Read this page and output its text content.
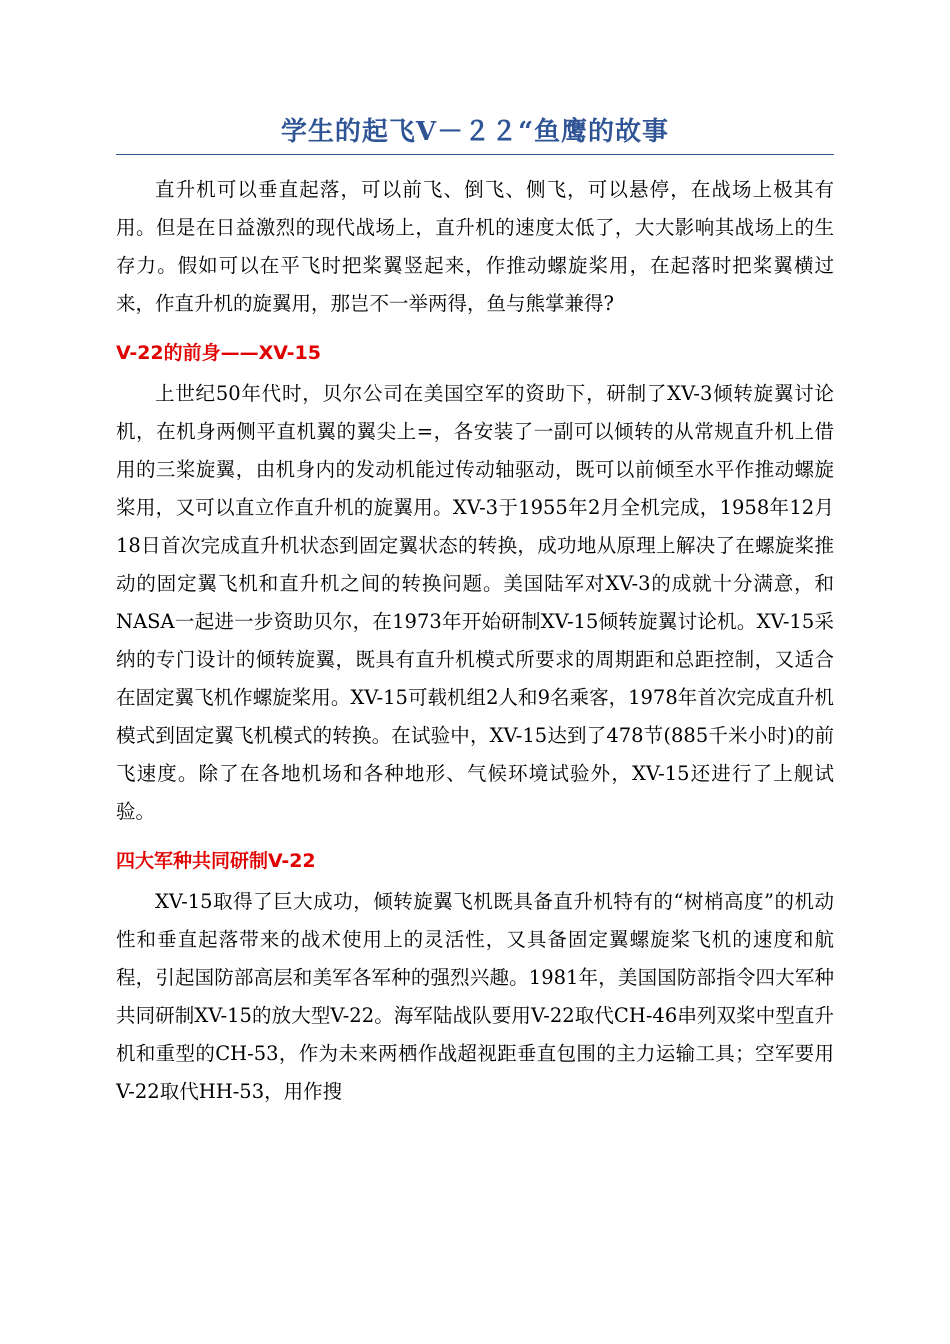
学生的起飞V－２２“鱼鹰的故事

直升机可以垂直起落，可以前飞、倒飞、侧飞，可以悬停，在战场上极其有用。但是在日益激烈的现代战场上，直升机的速度太低了，大大影响其战场上的生存力。假如可以在平飞时把桨翼竖起来，作推动螺旋桨用，在起落时把桨翼横过来，作直升机的旋翼用，那岂不一举两得，鱼与熊掌兼得?

V-22的前身——XV-15

上世纪50年代时，贝尔公司在美国空军的资助下，研制了XV-3倾转旋翼讨论机，在机身两侧平直机翼的翼尖上=，各安装了一副可以倾转的从常规直升机上借用的三桨旋翼，由机身内的发动机能过传动轴驱动，既可以前倾至水平作推动螺旋桨用，又可以直立作直升机的旋翼用。XV-3于1955年2月全机完成，1958年12月18日首次完成直升机状态到固定翼状态的转换，成功地从原理上解决了在螺旋桨推动的固定翼飞机和直升机之间的转换问题。美国陆军对XV-3的成就十分满意，和NASA一起进一步资助贝尔，在1973年开始研制XV-15倾转旋翼讨论机。XV-15采纳的专门设计的倾转旋翼，既具有直升机模式所要求的周期距和总距控制，又适合在固定翼飞机作螺旋桨用。XV-15可载机组2人和9名乘客，1978年首次完成直升机模式到固定翼飞机模式的转换。在试验中，XV-15达到了478节(885千米小时)的前飞速度。除了在各地机场和各种地形、气候环境试验外，XV-15还进行了上舰试验。

四大军种共同研制V-22

XV-15取得了巨大成功，倾转旋翼飞机既具备直升机特有的“树梢高度”的机动性和垂直起落带来的战术使用上的灵活性，又具备固定翼螺旋桨飞机的速度和航程，引起国防部高层和美军各军种的强烈兴趣。1981年，美国国防部指令四大军种共同研制XV-15的放大型V-22。海军陆战队要用V-22取代CH-46串列双桨中型直升机和重型的CH-53，作为未来两栖作战超视距垂直包围的主力运输工具；空军要用V-22取代HH-53，用作搜
